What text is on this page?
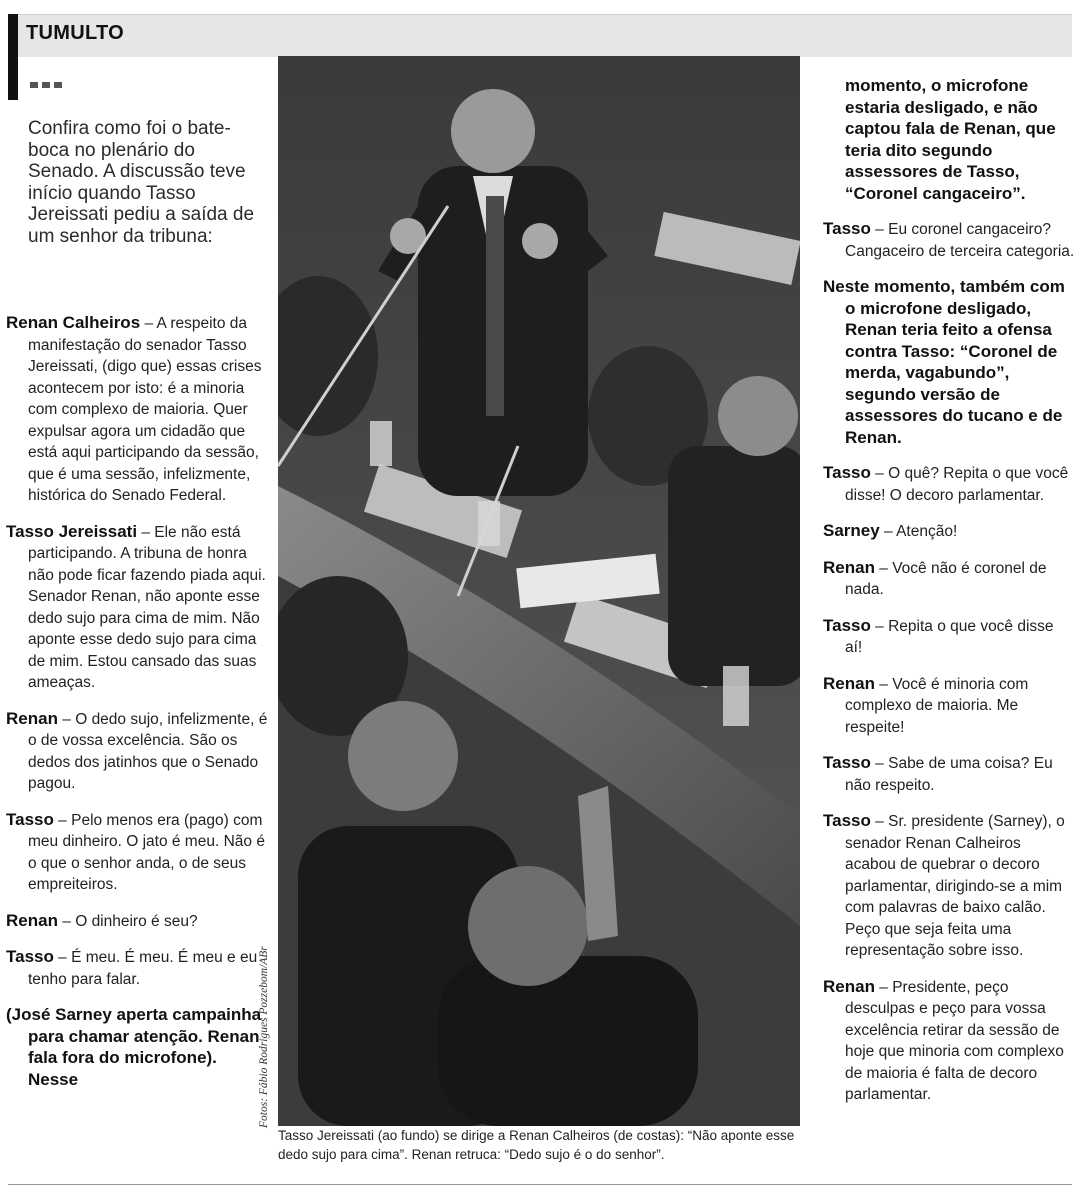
TUMULTO
Confira como foi o bate-boca no plenário do Senado. A discussão teve início quando Tasso Jereissati pediu a saída de um senhor da tribuna:

Renan Calheiros – A respeito da manifestação do senador Tasso Jereissati, (digo que) essas crises acontecem por isto: é a minoria com complexo de maioria. Quer expulsar agora um cidadão que está aqui participando da sessão, que é uma sessão, infelizmente, histórica do Senado Federal.

Tasso Jereissati – Ele não está participando. A tribuna de honra não pode ficar fazendo piada aqui. Senador Renan, não aponte esse dedo sujo para cima de mim. Não aponte esse dedo sujo para cima de mim. Estou cansado das suas ameaças.

Renan – O dedo sujo, infelizmente, é o de vossa excelência. São os dedos dos jatinhos que o Senado pagou.

Tasso – Pelo menos era (pago) com meu dinheiro. O jato é meu. Não é o que o senhor anda, o de seus empreiteiros.

Renan – O dinheiro é seu?

Tasso – É meu. É meu. É meu e eu tenho para falar.

(José Sarney aperta campainha para chamar atenção. Renan fala fora do microfone). Nesse	Fotos: Fábio Rodrigues Pozzebom/ABr
Tasso Jereissati (ao fundo) se dirige a Renan Calheiros (de costas): “Não aponte esse dedo sujo para cima”. Renan retruca: “Dedo sujo é o do senhor”.

momento, o microfone estaria desligado, e não captou fala de Renan, que teria dito segundo assessores de Tasso, “Coronel cangaceiro”.

Tasso – Eu coronel cangaceiro? Cangaceiro de terceira categoria.

Neste momento, também com o microfone desligado, Renan teria feito a ofensa contra Tasso: “Coronel de merda, vagabundo”, segundo versão de assessores do tucano e de Renan.

Tasso – O quê? Repita o que você disse! O decoro parlamentar.

Sarney – Atenção!

Renan – Você não é coronel de nada.

Tasso – Repita o que você disse aí!

Renan – Você é minoria com complexo de maioria. Me respeite!

Tasso – Sabe de uma coisa? Eu não respeito.

Tasso – Sr. presidente (Sarney), o senador Renan Calheiros acabou de quebrar o decoro parlamentar, dirigindo-se a mim com palavras de baixo calão. Peço que seja feita uma representação sobre isso.

Renan – Presidente, peço desculpas e peço para vossa excelência retirar da sessão de hoje que minoria com complexo de maioria é falta de decoro parlamentar.
